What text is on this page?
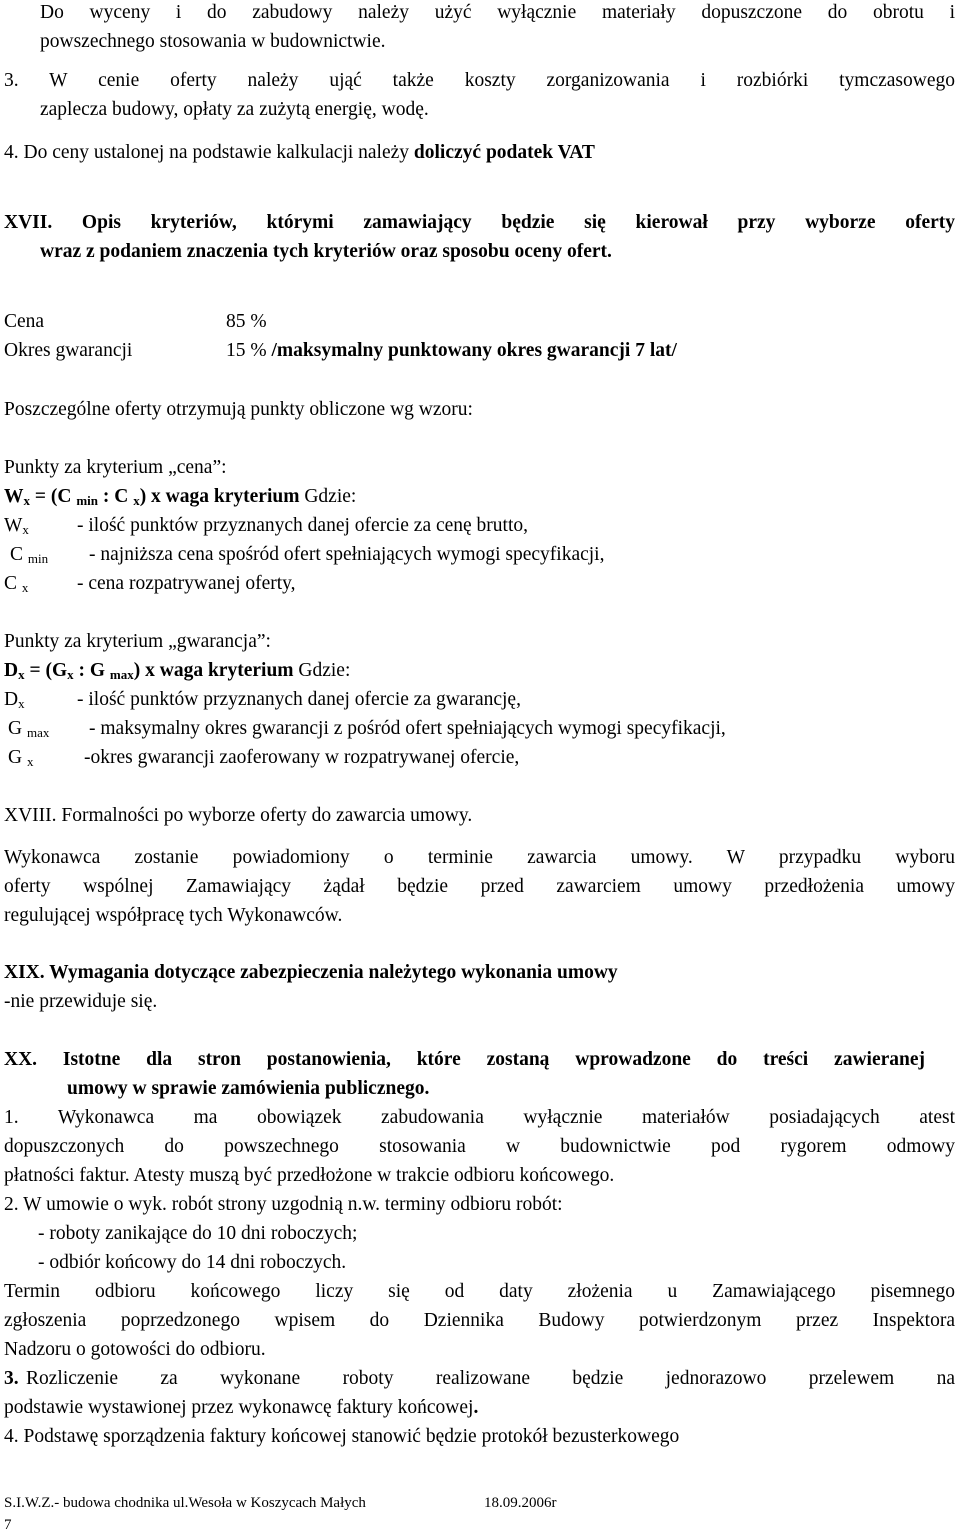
Do wyceny i do zabudowy należy użyć wyłącznie materiały dopuszczone do obrotu i
powszechnego stosowania w budownictwie.
3. W cenie oferty należy ująć także koszty zorganizowania i rozbiórki tymczasowego
zaplecza budowy, opłaty za zużytą energię, wodę.
4. Do ceny ustalonej na podstawie kalkulacji należy doliczyć podatek VAT
XVII. Opis kryteriów, którymi zamawiający będzie się kierował przy wyborze oferty
wraz z podaniem znaczenia tych kryteriów oraz sposobu oceny ofert.
Cena	85 %
Okres gwarancji	15 % /maksymalny punktowany okres gwarancji 7 lat/
Poszczególne oferty otrzymują punkty obliczone wg wzoru:
Punkty za kryterium „cena”:
$W_x = (C$ $_{min}$ : C $_x$) x waga kryterium Gdzie:
$W_x$ - ilość punktów przyznanych danej ofercie za cenę brutto,
C $_{min}$ - najniższa cena spośród ofert spełniających wymogi specyfikacji,
C $_x$ - cena rozpatrywanej oferty,
Punkty za kryterium „gwarancja”:
$D_x = (G_x$ : G $_{max}$) x waga kryterium Gdzie:
$D_x$	- ilość punktów przyznanych danej ofercie za gwarancję,
G $_{max}$ - maksymalny okres gwarancji z pośród ofert spełniających wymogi specyfikacji,
G $_x$	-okres gwarancji zaoferowany w rozpatrywanej ofercie,
XVIII. Formalności po wyborze oferty do zawarcia umowy.
Wykonawca zostanie powiadomiony o terminie zawarcia umowy. W przypadku wyboru
oferty wspólnej Zamawiający żądał będzie przed zawarciem umowy przedłożenia umowy
regulującej współpracę tych Wykonawców.
XIX. Wymagania dotyczące zabezpieczenia należytego wykonania umowy
-nie przewiduje się.
XX. Istotne dla stron postanowienia, które zostaną wprowadzone do treści zawieranej
umowy w sprawie zamówienia publicznego.
1. Wykonawca ma obowiązek zabudowania wyłącznie materiałów posiadających atest
dopuszczonych do powszechnego stosowania w budownictwie pod rygorem odmowy
płatności faktur. Atesty muszą być przedłożone w trakcie odbioru końcowego.
2. W umowie o wyk. robót strony uzgodnią n.w. terminy odbioru robót:
- roboty zanikające do 10 dni roboczych;
- odbiór końcowy do 14 dni roboczych.
Termin odbioru końcowego liczy się od daty złożenia u Zamawiającego pisemnego
zgłoszenia poprzedzonego wpisem do Dziennika Budowy potwierdzonym przez Inspektora
Nadzoru o gotowości do odbioru.
3. Rozliczenie za wykonane roboty realizowane będzie jednorazowo przelewem na
podstawie wystawionej przez wykonawcę faktury końcowej.
4. Podstawę sporządzenia faktury końcowej stanowić będzie protokół bezusterkowego
S.I.W.Z.- budowa chodnika ul.Wesoła w Koszycach Małych	18.09.2006r
7
